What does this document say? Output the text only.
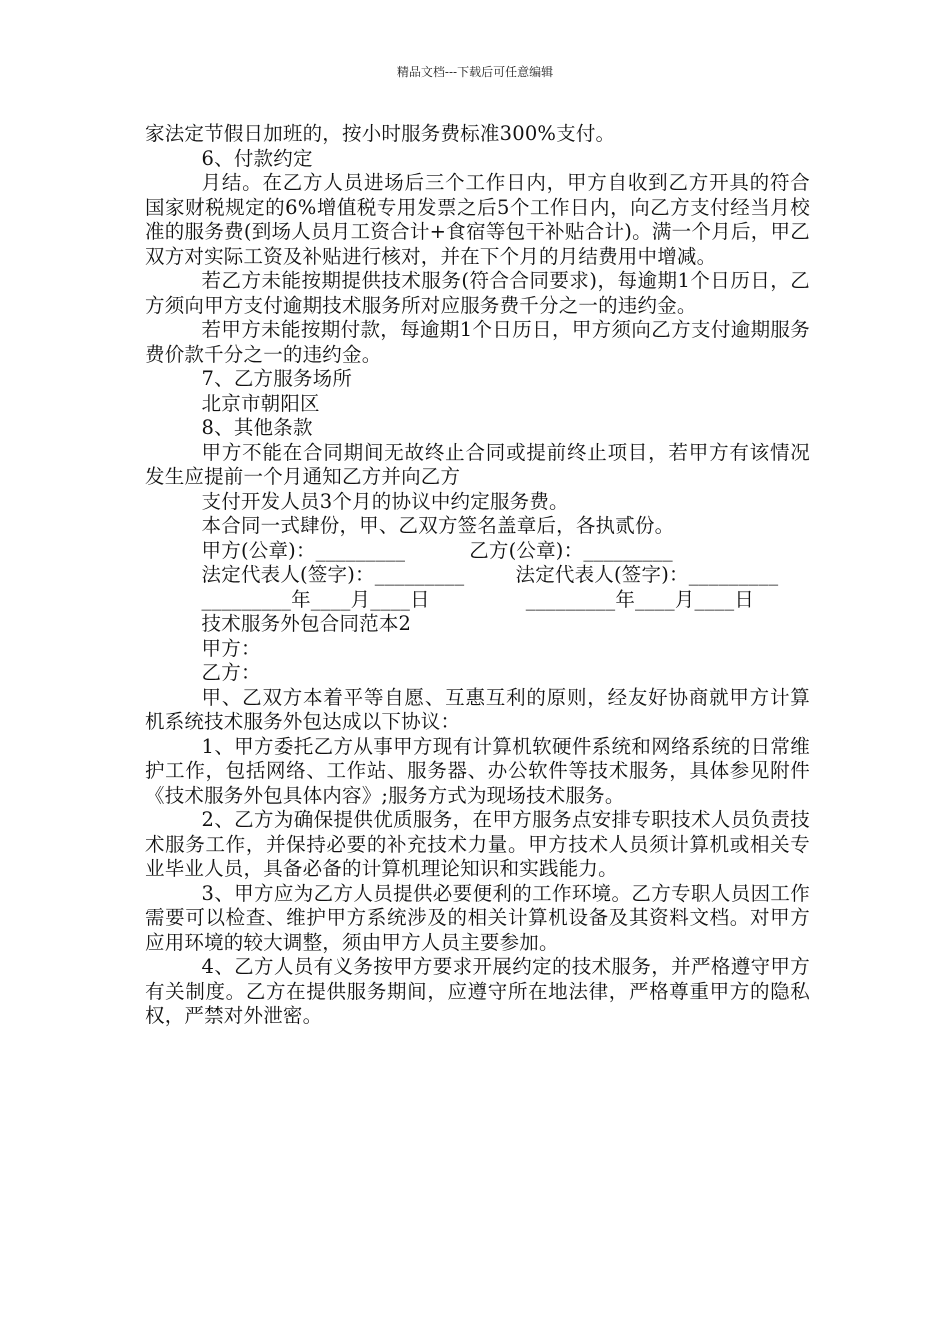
精品文档---下载后可任意编辑

家法定节假日加班的，按小时服务费标准300%支付。

6、付款约定

月结。在乙方人员进场后三个工作日内，甲方自收到乙方开具的符合国家财税规定的6%增值税专用发票之后5个工作日内，向乙方支付经当月校准的服务费(到场人员月工资合计+食宿等包干补贴合计)。满一个月后，甲乙双方对实际工资及补贴进行核对，并在下个月的月结费用中增减。

若乙方未能按期提供技术服务(符合合同要求)，每逾期1个日历日，乙方须向甲方支付逾期技术服务所对应服务费千分之一的违约金。

若甲方未能按期付款，每逾期1个日历日，甲方须向乙方支付逾期服务费价款千分之一的违约金。

7、乙方服务场所

北京市朝阳区

8、其他条款

甲方不能在合同期间无故终止合同或提前终止项目，若甲方有该情况发生应提前一个月通知乙方并向乙方

支付开发人员3个月的协议中约定服务费。

本合同一式肆份，甲、乙双方签名盖章后，各执贰份。

甲方(公章)：_________          乙方(公章)：_________

法定代表人(签字)：_________        法定代表人(签字)：_________

_________年____月____日               _________年____月____日

技术服务外包合同范本2

甲方：

乙方：

甲、乙双方本着平等自愿、互惠互利的原则，经友好协商就甲方计算机系统技术服务外包达成以下协议：

1、甲方委托乙方从事甲方现有计算机软硬件系统和网络系统的日常维护工作，包括网络、工作站、服务器、办公软件等技术服务，具体参见附件《技术服务外包具体内容》;服务方式为现场技术服务。

2、乙方为确保提供优质服务，在甲方服务点安排专职技术人员负责技术服务工作，并保持必要的补充技术力量。甲方技术人员须计算机或相关专业毕业人员，具备必备的计算机理论知识和实践能力。

3、甲方应为乙方人员提供必要便利的工作环境。乙方专职人员因工作需要可以检查、维护甲方系统涉及的相关计算机设备及其资料文档。对甲方应用环境的较大调整，须由甲方人员主要参加。

4、乙方人员有义务按甲方要求开展约定的技术服务，并严格遵守甲方有关制度。乙方在提供服务期间，应遵守所在地法律，严格尊重甲方的隐私权，严禁对外泄密。
